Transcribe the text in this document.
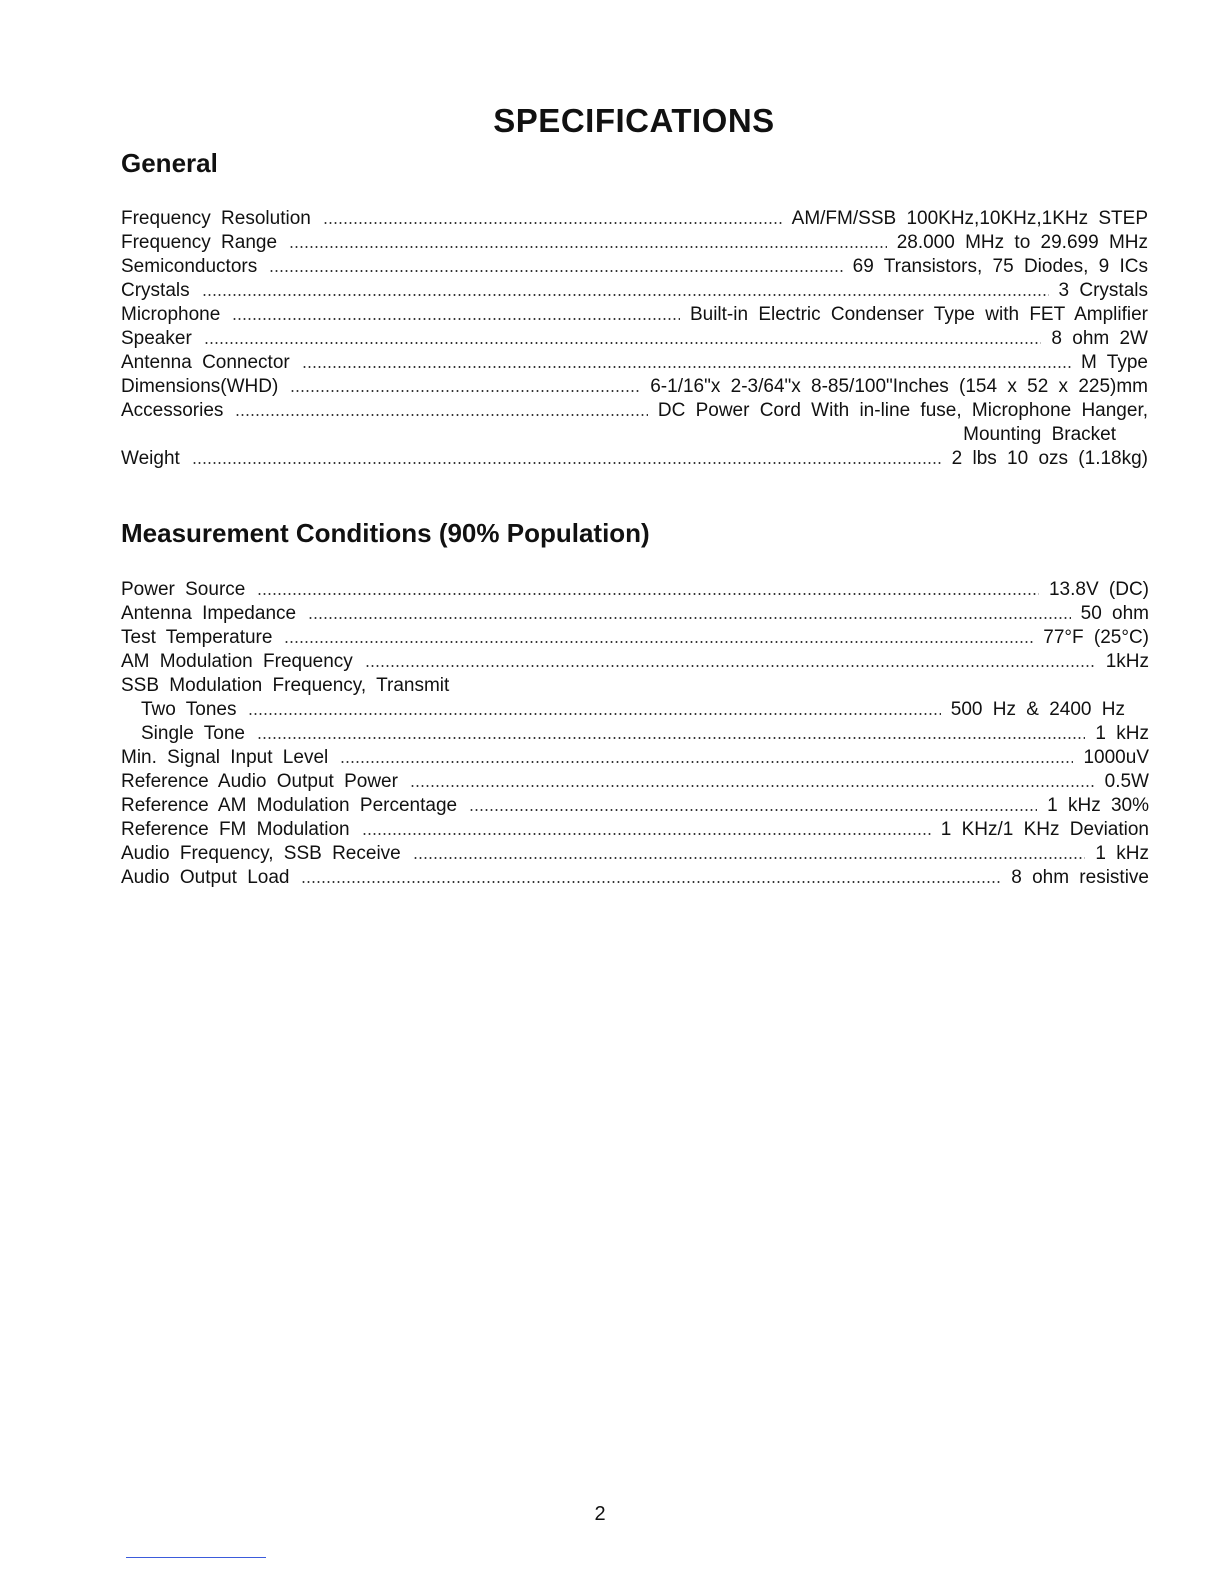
SPECIFICATIONS
General
Frequency Resolution	AM/FM/SSB 100KHz,10KHz,1KHz STEP
Frequency Range	28.000 MHz to 29.699 MHz
Semiconductors	69 Transistors, 75 Diodes, 9 ICs
Crystals	3 Crystals
Microphone	Built-in Electric Condenser Type with FET Amplifier
Speaker	8 ohm 2W
Antenna Connector	M Type
Dimensions(WHD)	6-1/16"x 2-3/64"x 8-85/100"Inches (154 x 52 x 225)mm
Accessories	DC Power Cord With in-line fuse, Microphone Hanger,
Mounting Bracket
Weight	2 lbs 10 ozs (1.18kg)
Measurement Conditions (90% Population)
Power Source	13.8V (DC)
Antenna Impedance	50 ohm
Test Temperature	77°F (25°C)
AM Modulation Frequency	1kHz
SSB Modulation Frequency, Transmit
Two Tones	500 Hz & 2400 Hz
Single Tone	1 kHz
Min. Signal Input Level	1000uV
Reference Audio Output Power	0.5W
Reference AM Modulation Percentage	1 kHz 30%
Reference FM Modulation	1 KHz/1 KHz Deviation
Audio Frequency, SSB Receive	1 kHz
Audio Output Load	8 ohm resistive
2
